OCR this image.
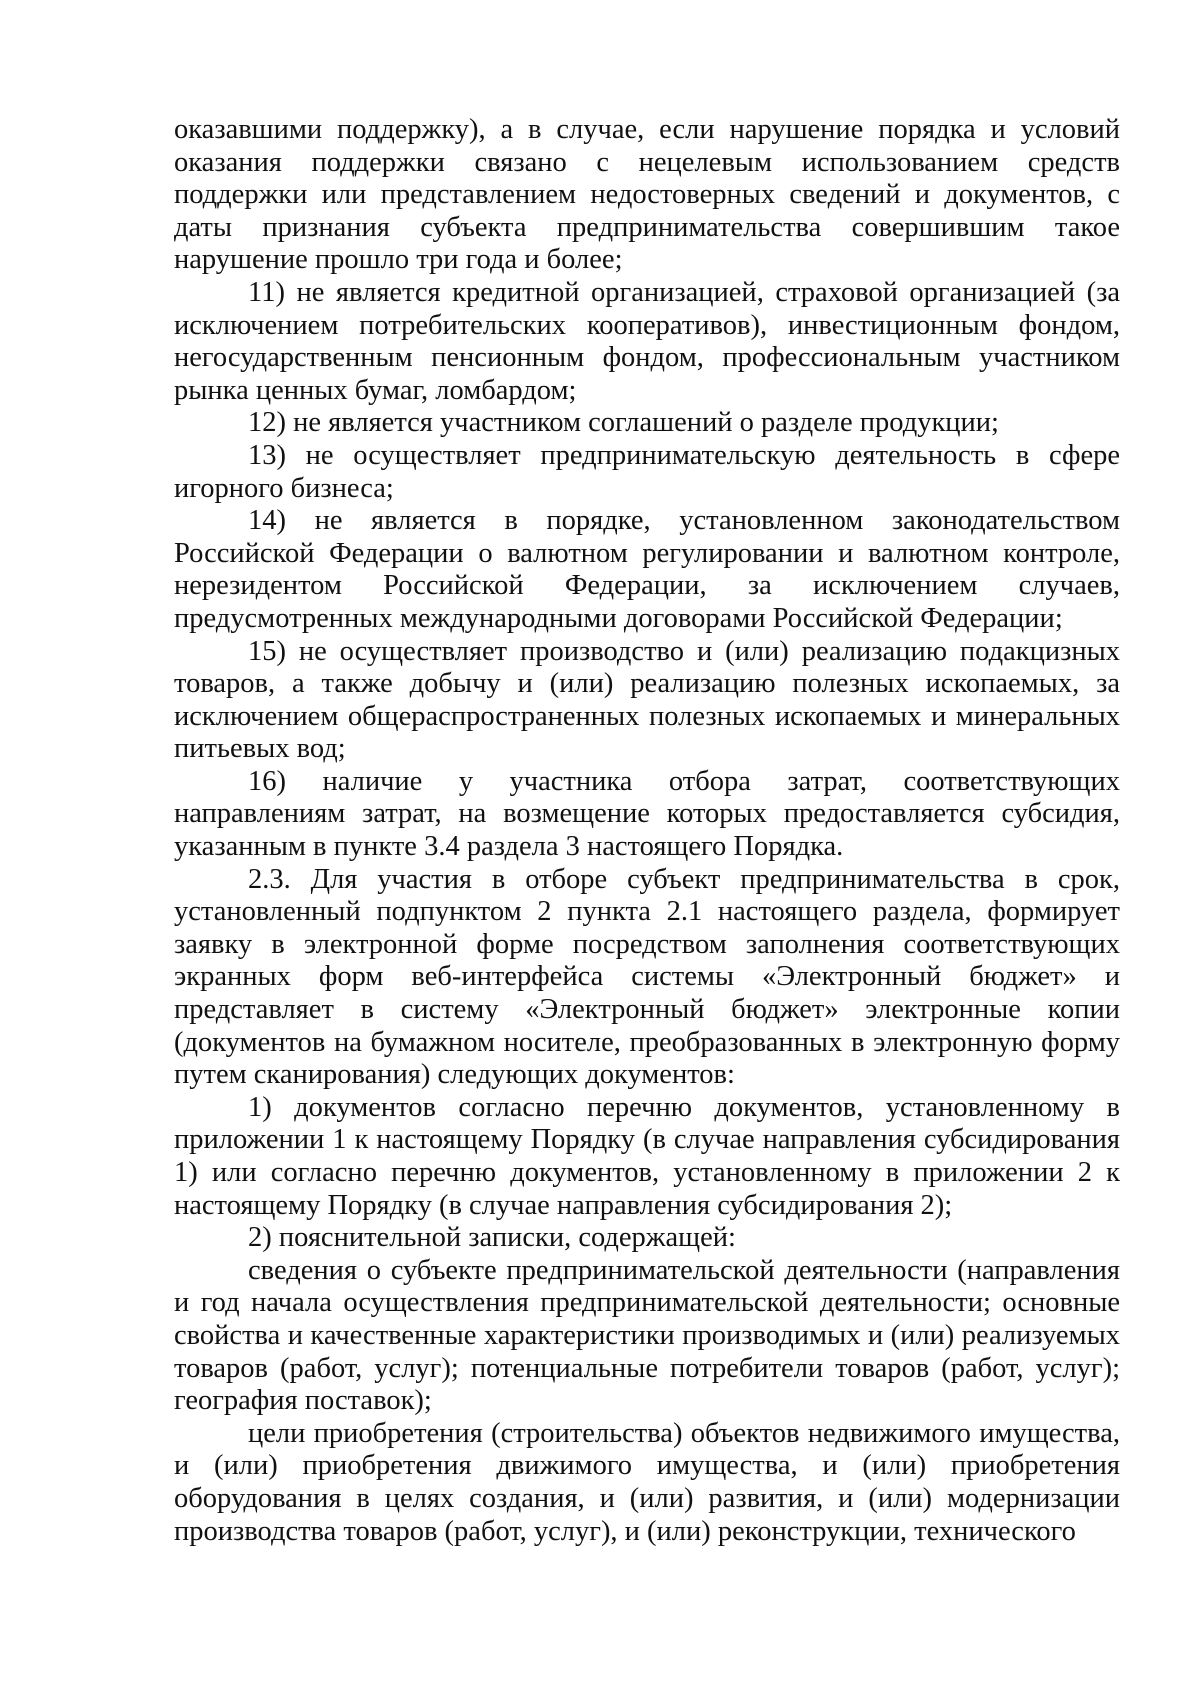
оказавшими поддержку), а в случае, если нарушение порядка и условий оказания поддержки связано с нецелевым использованием средств поддержки или представлением недостоверных сведений и документов, с даты признания субъекта предпринимательства совершившим такое нарушение прошло три года и более;

11) не является кредитной организацией, страховой организацией (за исключением потребительских кооперативов), инвестиционным фондом, негосударственным пенсионным фондом, профессиональным участником рынка ценных бумаг, ломбардом;

12) не является участником соглашений о разделе продукции;

13) не осуществляет предпринимательскую деятельность в сфере игорного бизнеса;

14) не является в порядке, установленном законодательством Российской Федерации о валютном регулировании и валютном контроле, нерезидентом Российской Федерации, за исключением случаев, предусмотренных международными договорами Российской Федерации;

15) не осуществляет производство и (или) реализацию подакцизных товаров, а также добычу и (или) реализацию полезных ископаемых, за исключением общераспространенных полезных ископаемых и минеральных питьевых вод;

16) наличие у участника отбора затрат, соответствующих направлениям затрат, на возмещение которых предоставляется субсидия, указанным в пункте 3.4 раздела 3 настоящего Порядка.

2.3. Для участия в отборе субъект предпринимательства в срок, установленный подпунктом 2 пункта 2.1 настоящего раздела, формирует заявку в электронной форме посредством заполнения соответствующих экранных форм веб-интерфейса системы «Электронный бюджет» и представляет в систему «Электронный бюджет» электронные копии (документов на бумажном носителе, преобразованных в электронную форму путем сканирования) следующих документов:

1) документов согласно перечню документов, установленному в приложении 1 к настоящему Порядку (в случае направления субсидирования 1) или согласно перечню документов, установленному в приложении 2 к настоящему Порядку (в случае направления субсидирования 2);

2) пояснительной записки, содержащей:

сведения о субъекте предпринимательской деятельности (направления и год начала осуществления предпринимательской деятельности; основные свойства и качественные характеристики производимых и (или) реализуемых товаров (работ, услуг); потенциальные потребители товаров (работ, услуг); география поставок);

цели приобретения (строительства) объектов недвижимого имущества, и (или) приобретения движимого имущества, и (или) приобретения оборудования в целях создания, и (или) развития, и (или) модернизации производства товаров (работ, услуг), и (или) реконструкции, технического
